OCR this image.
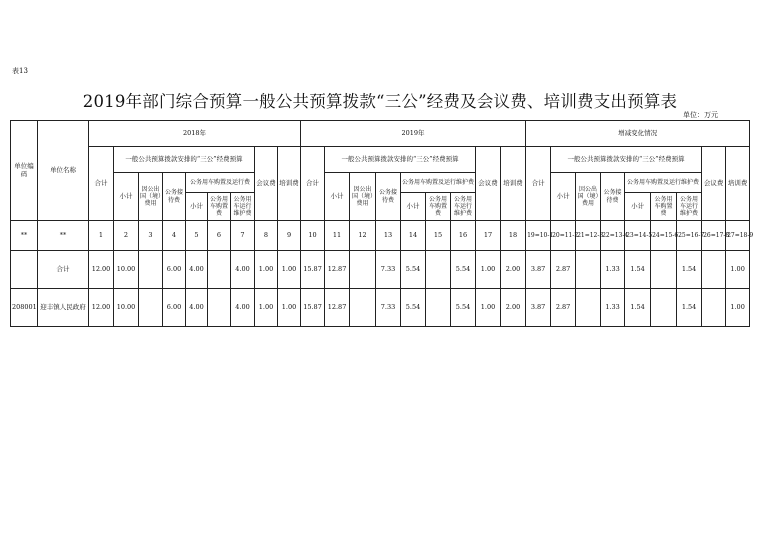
表13
2019年部门综合预算一般公共预算拨款“三公”经费及会议费、培训费支出预算表
单位：万元
单位编码	单位名称	2018年									2019年									增减变化情况								
		合计	一般公共预算拨款安排的“三公”经费预算						会议费	培训费	合计	一般公共预算拨款安排的“三公”经费预算						会议费	培训费	合计	一般公共预算拨款安排的“三公”经费预算						会议费	培训费
			小计	因公出国（境）费用	公务接待费	公务用车购置及运行费						小计	因公出国（境）费用	公务接待费	公务用车购置及运行维护费						小计	因公出国（境）费用	公务接待费	公务用车购置及运行维护费				
						小计	公务用车购置费	公务用车运行维护费							小计	公务用车购置费	公务用车运行维护费							小计	公务用车购置费	公务用车运行维护费		

**	**	1	2	3	4	5	6	7	8	9	10	11	12	13	14	15	16	17	18	19=10-1	20=11-2	21=12-3	22=13-4	23=14-5	24=15-6	25=16-7	26=17-8	27=18-9
	合计	12.00	10.00		6.00	4.00		4.00	1.00	1.00	15.87	12.87		7.33	5.54		5.54	1.00	2.00	3.87	2.87		1.33	1.54		1.54		1.00
208001	迎丰镇人民政府	12.00	10.00		6.00	4.00		4.00	1.00	1.00	15.87	12.87		7.33	5.54		5.54	1.00	2.00	3.87	2.87		1.33	1.54		1.54		1.00
